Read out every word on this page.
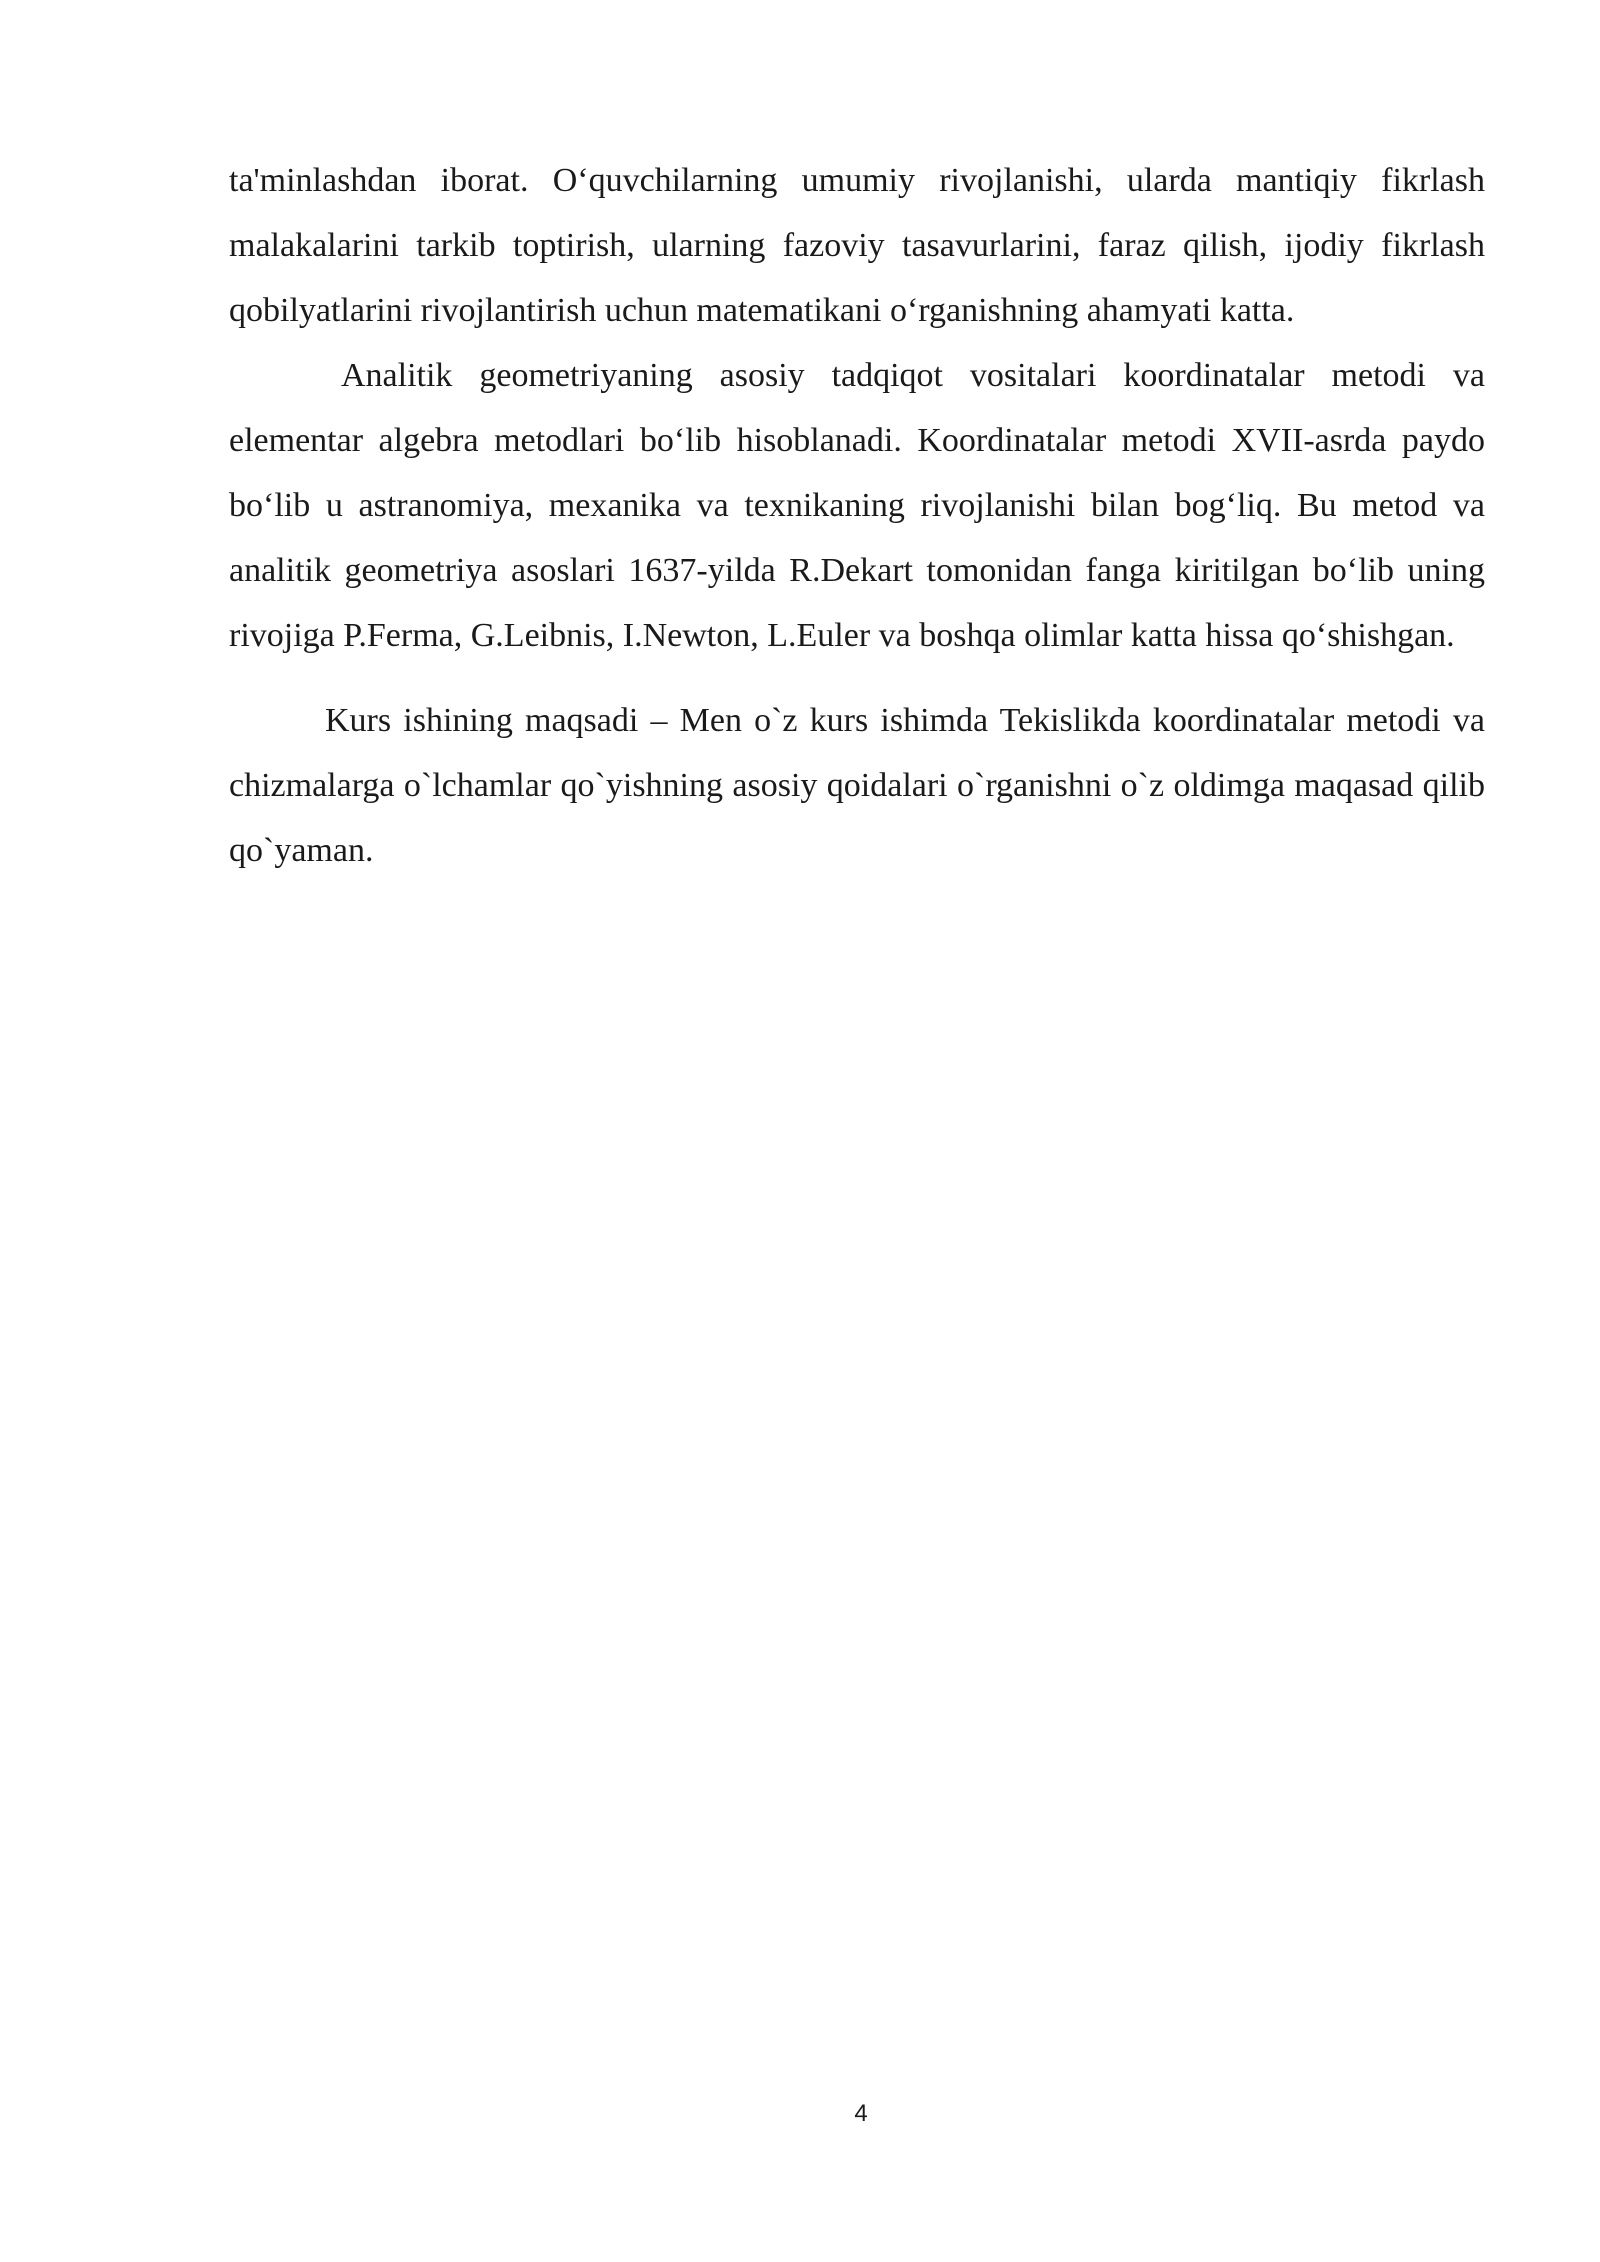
ta'minlashdan iborat. O‘quvchilarning umumiy rivojlanishi, ularda mantiqiy fikrlash malakalarini tarkib toptirish, ularning fazoviy tasavurlarini, faraz qilish, ijodiy fikrlash qobilyatlarini rivojlantirish uchun matematikani o‘rganishning ahamyati katta.

Analitik geometriyaning asosiy tadqiqot vositalari koordinatalar metodi va elementar algebra metodlari bo‘lib hisoblanadi. Koordinatalar metodi XVII-asrda paydo bo‘lib u astranomiya, mexanika va texnikaning rivojlanishi bilan bog‘liq. Bu metod va analitik geometriya asoslari 1637-yilda R.Dekart tomonidan fanga kiritilgan bo‘lib uning rivojiga P.Ferma, G.Leibnis, I.Newton, L.Euler va boshqa olimlar katta hissa qo‘shishgan.

Kurs ishining maqsadi – Men o`z kurs ishimda Tekislikda koordinatalar metodi va chizmalarga o`lchamlar qo`yishning asosiy qoidalari o`rganishni o`z oldimga maqasad qilib qo`yaman.

4
